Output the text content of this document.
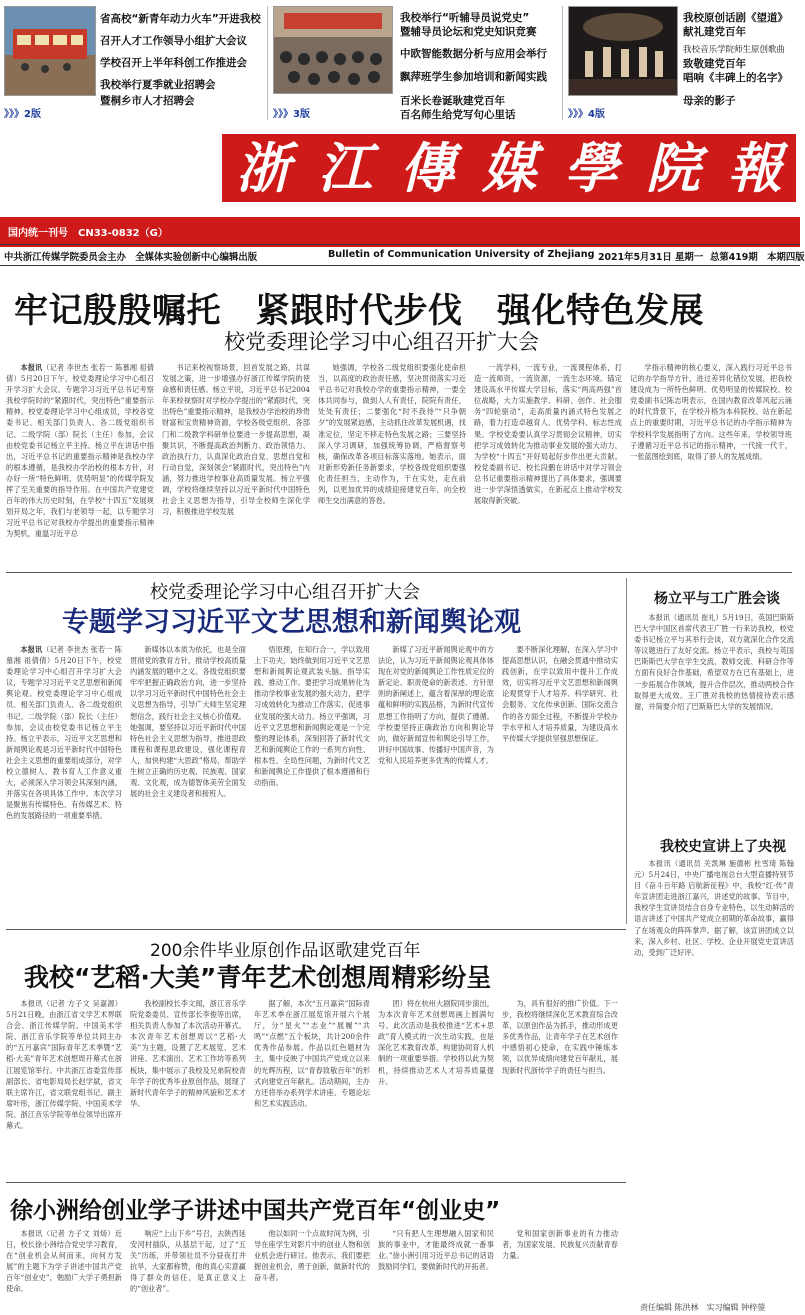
省高校“新青年动力火车”开进我校
召开人才工作领导小组扩大会议
学校召开上半年科创工作推进会
我校举行夏季就业招聘会
暨桐乡市人才招聘会
》》》2版
我校举行“听辅导员说党史”
暨辅导员论坛和党史知识竞赛
中欧智能数据分析与应用会举行
飘萍班学生参加培训和新闻实践
百米长卷诞耿建党百年
百名师生给党写句心里话
》》》3版
我校原创话剧《望道》
献礼建党百年
我校音乐学院师生原创歌曲
致敬建党百年
唱响《丰碑上的名字》
母亲的影子
》》》4版
浙 江 傳 媒 學 院 報
国内统一刊号　 CN33-0832（G）
中共浙江传媒学院委员会主办　全媒体实验创新中心编辑出版	Bulletin of Communication University of Zhejiang 2021年5月31日 星期一 总第419期　本期四版
牢记殷殷嘱托　紧跟时代步伐　强化特色发展
校党委理论学习中心组召开扩大会

本报讯（记者 李世杰 张若一 陈慕湘 祖倩倩）5月20日下午，校党委理论学习中心组召开学习扩大会议，专题学习习近平总书记考察我校学院时的“紧跟时代，突出特色”重要指示精神。校党委理论学习中心组成员，学校各党委书记、相关部门负责人、各二级党组织书记、二级学院（部）院长（主任）参加，会议由校党委书记杨立平主持。杨立平在讲话中指出，习近平总书记的重要指示精神是我校办学的根本遵循，是我校办学治校的根本方针，对办好一所“特色鲜明、优势明显”的传媒学院发挥了至关重要的指导作用。在中国共产党建党百年的伟大历史时刻，在学校“十四五”发展规划开局之年，我们与老领导一起，以专题学习习近平总书记对我校办学提出的重要指示精神为契机，重温习近平总

书记来校视察场景，回首发展之路，共谋发展之策，进一步增强办好浙江传媒学院的使命感和责任感。杨立平说，习近平总书记2004年来校视察时对学校办学提出的“紧跟时代，突出特色”重要指示精神，是我校办学治校的珍贵财富和宝贵精神资源，学校各级党组织、各部门和二级教学科研单位要进一步提高思想，凝聚共识，不断提高政治判断力、政治领悟力、政治执行力，认真深化政治自觉、思想自觉和行动自觉，深刻领会“紧跟时代，突出特色”内涵，努力推进学校事业高质量发展。杨立平强调，学校将继续坚持以习近平新时代中国特色社会主义思想为指导，引导全校师生深化学习，积极推进学校发展

她强调，学校各二级党组织要强化使命担当，以高度的政治责任感，坚决贯彻落实习近平总书记对我校办学的重要指示精神，一要全体共同参与，做到人人有责任，院院有责任，处处有责任；二要强化“时不我待”“只争朝夕”的发展紧迫感，主动抓住改革发展机遇，找准定位，坚定不移走特色发展之路；三要坚持深入学习调研，加强统筹协调，严格督察考核，确保改革各项目标落实落地。她表示，面对新形势新任务新要求，学校各级党组织要强化责任担当，主动作为，干在实处，走在前列，以更加优异的成绩迎接建党百年，向全校师生交出满意的答卷。

一流学科，一流专业，一流课程体系，打造一流师资，一流资源，一流生态环境。锚定建设高水平传媒大学目标，落实“两高两强”首位战略，大力实施教学、科研、创作、社会服务“四轮驱动”，走高质量内涵式特色发展之路，着力打造卓越育人、优势学科、标志性成果。学校党委要认真学习贯彻会议精神，切实把学习成效转化为推动事业发展的强大动力，为学校“十四五”开好局起好步作出更大贡献。校党委副书记、校长段鹏在讲话中对学习领会总书记重要指示精神提出了具体要求，强调要进一步学深悟透做实，在新起点上推动学校发展取得新突破。

学指示精神的核心要义，深入践行习近平总书记的办学指导方针，进过差异化错位发展，把我校建设成为一所特色鲜明、优势明显的传媒院校。校党委副书记陈志明表示，在国内教育改革风起云涌的时代背景下，在学校升格为本科院校、站在新起点上的重要时期，习近平总书记的办学指示精神为学校科学发展指明了方向。这些年来，学校领导班子遵循习近平总书记的指示精神，一代接一代干，一张蓝图绘到底，取得了骄人的发展成绩。

校党委理论学习中心组召开扩大会
专题学习习近平文艺思想和新闻舆论观

本报讯（记者 李世杰 张若一 陈慕湘 祖倩倩）5月20日下午，校党委理论学习中心组召开学习扩大会议，专题学习习近平文艺思想和新闻舆论观。校党委理论学习中心组成员、相关部门负责人、各二级党组织书记、二级学院（部）院长（主任）参加，会议由校党委书记杨立平主持。杨立平表示，习近平文艺思想和新闻舆论观是习近平新时代中国特色社会主义思想的重要组成部分，对学校立德树人、教书育人工作意义重大，必须深入学习领会其深刻内涵，并落实在各项具体工作中。本次学习是聚焦有传媒特色、有传媒艺术、特色的发展路径的一项重要举措。

新媒体以本质为依托，也是全面贯彻党的教育方针，推动学校高质量内涵发展的题中之义。各级党组织要牢牢把握正确政治方向，进一步坚持以学习习近平新时代中国特色社会主义思想为指导，引导广大师生坚定理想信念，践行社会主义核心价值观。她强调，要坚持以习近平新时代中国特色社会主义思想为指导，推进思政课程和课程思政建设，强化课程育人，加快构建“大思政”格局，帮助学生树立正确的历史观、民族观、国家观、文化观，成为德智体美劳全面发展的社会主义建设者和接班人。

悟原理，在知行合一，学以致用上下功夫，始终做到用习近平文艺思想和新闻舆论观武装头脑、指导实践、推动工作。要把学习成果转化为推动学校事业发展的强大动力，把学习成效转化为推动工作落实、促进事业发展的强大动力。杨立平强调，习近平文艺思想和新闻舆论观是一个完整的理论体系，深刻回答了新时代文艺和新闻舆论工作的一系列方向性、根本性、全局性问题，为新时代文艺和新闻舆论工作提供了根本遵循和行动指南。

新媒了习近平新闻舆论观中的方法论，认为习近平新闻舆论观具体体现在对党的新闻舆论工作性质定位的新定论、职责使命的新表述、方针原则的新阐述上，蕴含着深厚的理论底蕴和鲜明的实践品格，为新时代宣传思想工作指明了方向，提供了遵循。学校要坚持正确政治方向和舆论导向，做好新闻宣传和舆论引导工作，讲好中国故事、传播好中国声音，为党和人民培养更多优秀的传媒人才。

要不断深化理解，在深入学习中提高思想认识，在融会贯通中推动实践创新，在学以致用中提升工作成效，切实将习近平文艺思想和新闻舆论观贯穿于人才培养、科学研究、社会服务、文化传承创新、国际交流合作的各方面全过程，不断提升学校办学水平和人才培养质量，为建设高水平传媒大学提供坚强思想保证。

杨立平与工广胜会谈

本报讯（通讯员 崔礼）5月19日，英国巴斯斯巴大学中国区首席代表王广胜一行来访我校，校党委书记杨立平与其举行会谈，双方就深化合作交流等议题进行了友好交流。杨立平表示，我校与英国巴斯斯巴大学在学生交流、教师交流、科研合作等方面有良好合作基础，希望双方在已有基础上，进一步拓展合作领域，提升合作层次，推动两校合作取得更大成效。王广胜对我校的热情接待表示感谢，并简要介绍了巴斯斯巴大学的发展情况。

我校史宣讲上了央视

本报讯（通讯员 关凯琳 施德彬 杜雪琦 陈翰元）5月24日，中央广播电视总台大型直播特别节目《奋斗百年路 启航新征程》中，我校“红·传”青年宣讲团走进浙江嘉兴，讲述党的故事。节目中，我校学生宣讲员结合自身专业特色，以生动鲜活的语言讲述了中国共产党成立初期的革命故事，赢得了在场观众的阵阵掌声。据了解，该宣讲团成立以来，深入乡村、社区、学校、企业开展党史宣讲活动，受到广泛好评。

200余件毕业原创作品讴歌建党百年
我校“艺稻·大美”青年艺术创想周精彩纷呈

本报讯（记者 方子文 吴嘉源）5月21日晚，由浙江省文学艺术界联合会、浙江传媒学院、中国美术学院、浙江音乐学院等单位共同主办的“五月嘉宾”国际青年艺术季暨“艺稻·大美”青年艺术创想周开幕式在浙江展览馆举行。中共浙江省委宣传部副部长、省电影局局长赵学斌，省文联主席许江，省文联党组书记、副主席叶彤，浙江传媒学院、中国美术学院、浙江音乐学院等单位领导出席开幕式。

我校副校长李文闻，浙江音乐学院党委委员、宣传部长李俊等出席，相关负责人参加了本次活动开幕式。本次青年艺术创想周以“艺稻·大美”为主题，设置了艺术展览、艺术讲座、艺术演出、艺术工作坊等系列板块，集中展示了我校及兄弟院校青年学子的优秀毕业原创作品，展现了新时代青年学子的精神风貌和艺术才华。

据了解，本次“五月嘉宾”国际青年艺术季在浙江展览馆开展六个展厅，分“星火”“志业”“展履”“共鸣”“点燃”五个板块，共计200余件优秀作品参展。作品以红色题材为主，集中反映了中国共产党成立以来的光辉历程，以“青春致敬百年”的形式向建党百年献礼。活动期间，主办方还将举办系列学术讲座、专题论坛和艺术实践活动。

团）将在杭州大剧院同步演出，为本次青年艺术创想周画上圆满句号。此次活动是我校推进“艺术+思政”育人模式的一次生动实践，也是深化艺术教育改革、构建协同育人机制的一项重要举措。学校将以此为契机，持续推动艺术人才培养质量提升。

为，具有很好的推广价值。下一步，我校将继续深化艺术教育综合改革，以原创作品为抓手，推动形成更多优秀作品，让青年学子在艺术创作中感悟初心使命，在实践中锤炼本领，以优异成绩向建党百年献礼，展现新时代浙传学子的责任与担当。

徐小洲给创业学子讲述中国共产党百年“创业史”

本报讯（记者 方子文 刘炀）近日，校长徐小洲结合党史学习教育，在“创业机会从何而来，向何方发展”的主题下为学子讲述中国共产党百年“创业史”，勉励广大学子勇担新使命。

响应“上山下乡”号召，去陕西延安河村插队，从基层干起，过了“五关”历练，并带领社员不分昼夜打井抗旱，大家都称赞，他的真心实意赢得了群众的信任，是真正意义上的“创业者”。

他以如同一个点故时间为例，引导在座学生对影片中的创业人物和创业机会进行研讨。他表示，我们要把握创业机会，勇于创新，做新时代的奋斗者。

“只有把人生理想融入国家和民族的事业中，才能最终成就一番事业。”徐小洲引用习近平总书记的话语鼓励同学们，要做新时代的开拓者。

党和国家创新事业的有力推动者，为国家发展、民族复兴贡献青春力量。

责任编辑 陈洪林　实习编辑 钟梓蓥
